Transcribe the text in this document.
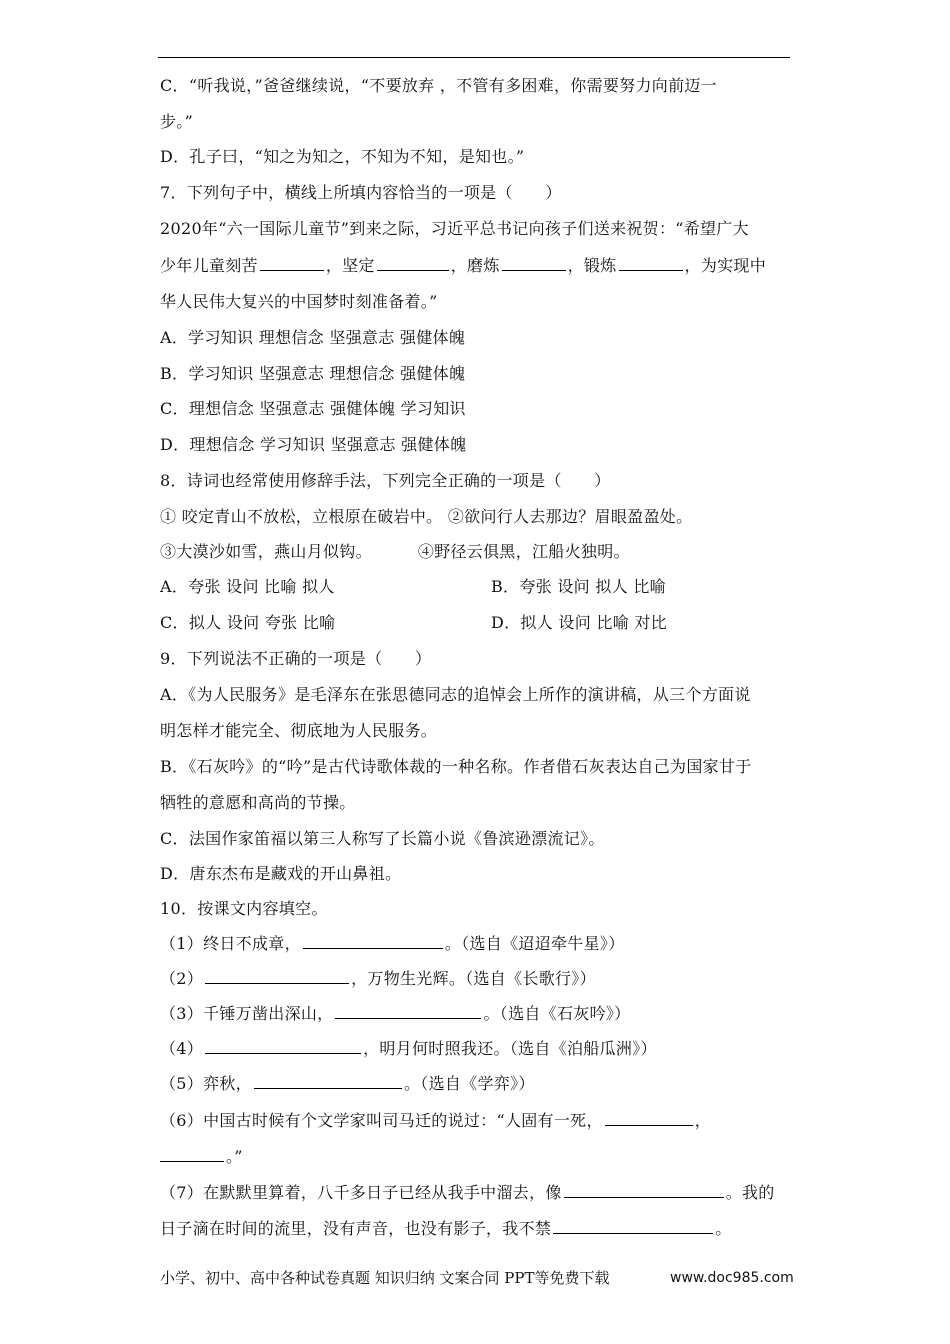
C．“听我说，”爸爸继续说，“不要放弃 ，不管有多困难，你需要努力向前迈一
步。”
D．孔子曰，“知之为知之，不知为不知，是知也。”
7．下列句子中，横线上所填内容恰当的一项是（　　）
2020年“六一国际儿童节”到来之际，习近平总书记向孩子们送来祝贺：“希望广大
少年儿童刻苦	，坚定	，磨炼	，锻炼	，为实现中
华人民伟大复兴的中国梦时刻准备着。”
A．学习知识 理想信念 坚强意志 强健体魄
B．学习知识 坚强意志 理想信念 强健体魄
C．理想信念 坚强意志 强健体魄 学习知识
D．理想信念 学习知识 坚强意志 强健体魄
8．诗词也经常使用修辞手法，下列完全正确的一项是（　　）
① 咬定青山不放松，立根原在破岩中。 ②欲问行人去那边？眉眼盈盈处。
③大漠沙如雪，燕山月似钩。	④野径云俱黑，江船火独明。
A．夸张 设问 比喻 拟人	B．夸张 设问 拟人 比喻
C．拟人 设问 夸张 比喻	D．拟人 设问 比喻 对比
9．下列说法不正确的一项是（　　）
A．《为人民服务》是毛泽东在张思德同志的追悼会上所作的演讲稿，从三个方面说
明怎样才能完全、彻底地为人民服务。
B．《石灰吟》的“吟”是古代诗歌体裁的一种名称。作者借石灰表达自己为国家甘于
牺牲的意愿和高尚的节操。
C．法国作家笛福以第三人称写了长篇小说《鲁滨逊漂流记》。
D．唐东杰布是藏戏的开山鼻祖。
10．按课文内容填空。
（1）终日不成章，	。（选自《迢迢牵牛星》）
（2）	，万物生光辉。（选自《长歌行》）
（3）千锤万凿出深山，	。（选自《石灰吟》）
（4）	，明月何时照我还。（选自《泊船瓜洲》）
（5）弈秋，	。（选自《学弈》）
（6）中国古时候有个文学家叫司马迁的说过：“人固有一死，	，
。”
（7）在默默里算着，八千多日子已经从我手中溜去，像	。我的
日子滴在时间的流里，没有声音，也没有影子，我不禁	。
小学、初中、高中各种试卷真题 知识归纳 文案合同 PPT等免费下载	www.doc985.com
